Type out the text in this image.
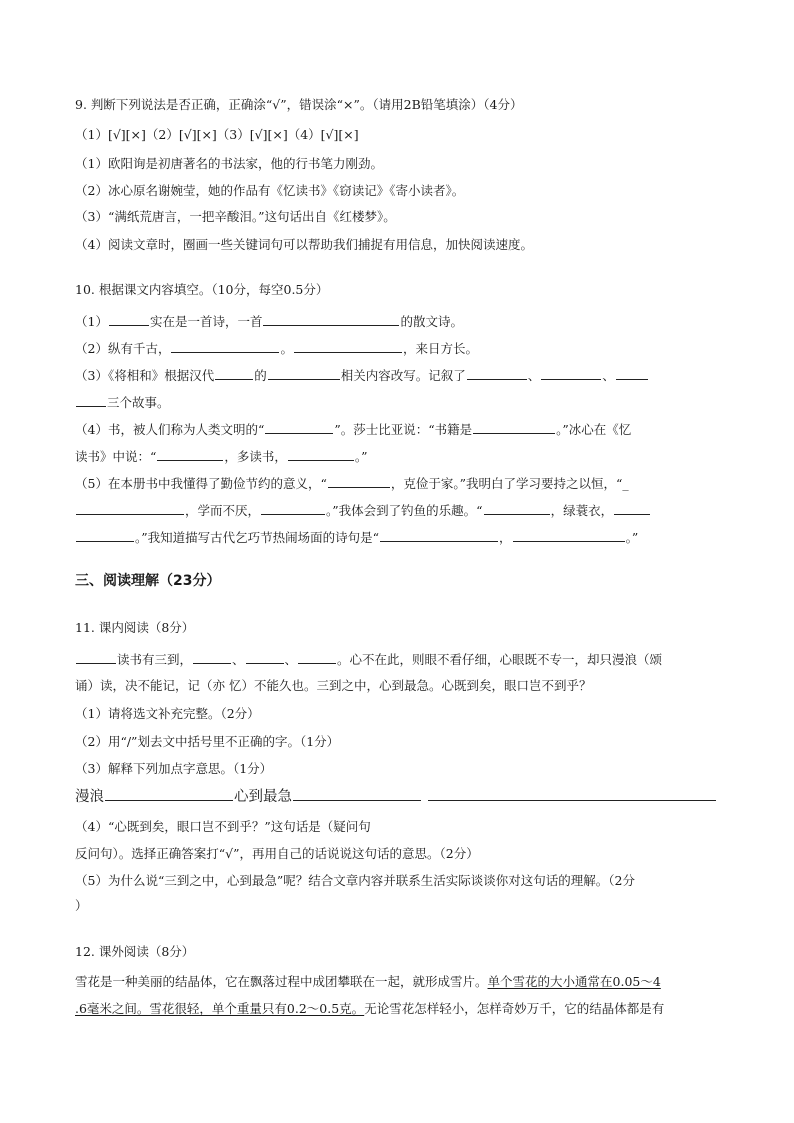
9. 判断下列说法是否正确，正确涂“√”，错误涂“×”。（请用2B铅笔填涂）（4分）
（1）[√][×]（2）[√][×]（3）[√][×]（4）[√][×]
（1）欧阳询是初唐著名的书法家，他的行书笔力刚劲。
（2）冰心原名谢婉莹，她的作品有《忆读书》《窃读记》《寄小读者》。
（3）“满纸荒唐言，一把辛酸泪。”这句话出自《红楼梦》。
（4）阅读文章时，圈画一些关键词句可以帮助我们捕捉有用信息，加快阅读速度。
10. 根据课文内容填空。（10分，每空0.5分）
（1）	实在是一首诗，一首	的散文诗。
（2）纵有千古，	。	，来日方长。
（3）《将相和》根据汉代	的	相关内容改写。记叙了	、	、
三个故事。
（4）书，被人们称为人类文明的“	”。莎士比亚说：“书籍是	。”冰心在《忆
读书》中说：“	，多读书，	。”
（5）在本册书中我懂得了勤俭节约的意义，“	，克俭于家。”我明白了学习要持之以恒，“_
，学而不厌，	。”我体会到了钓鱼的乐趣。“	，绿蓑衣，
。”我知道描写古代乞巧节热闹场面的诗句是“	，	。”
三、阅读理解（23分）
11. 课内阅读（8分）
读书有三到，	、	、	。心不在此，则眼不看仔细，心眼既不专一，却只漫浪（颂
诵）读，决不能记，记（亦 忆）不能久也。三到之中，心到最急。心既到矣，眼口岂不到乎？
（1）请将选文补充完整。（2分）
（2）用“/”划去文中括号里不正确的字。（1分）
（3）解释下列加点字意思。（1分）
漫浪	心到最急
（4）“心既到矣，眼口岂不到乎？”这句话是（疑问句
反问句）。选择正确答案打“√”，再用自己的话说说这句话的意思。（2分）
（5）为什么说“三到之中，心到最急”呢？结合文章内容并联系生活实际谈谈你对这句话的理解。（2分
）
12. 课外阅读（8分）
雪花是一种美丽的结晶体，它在飘落过程中成团攀联在一起，就形成雪片。单个雪花的大小通常在0.05～4
.6毫米之间。雪花很轻，单个重量只有0.2～0.5克。无论雪花怎样轻小，怎样奇妙万千，它的结晶体都是有
